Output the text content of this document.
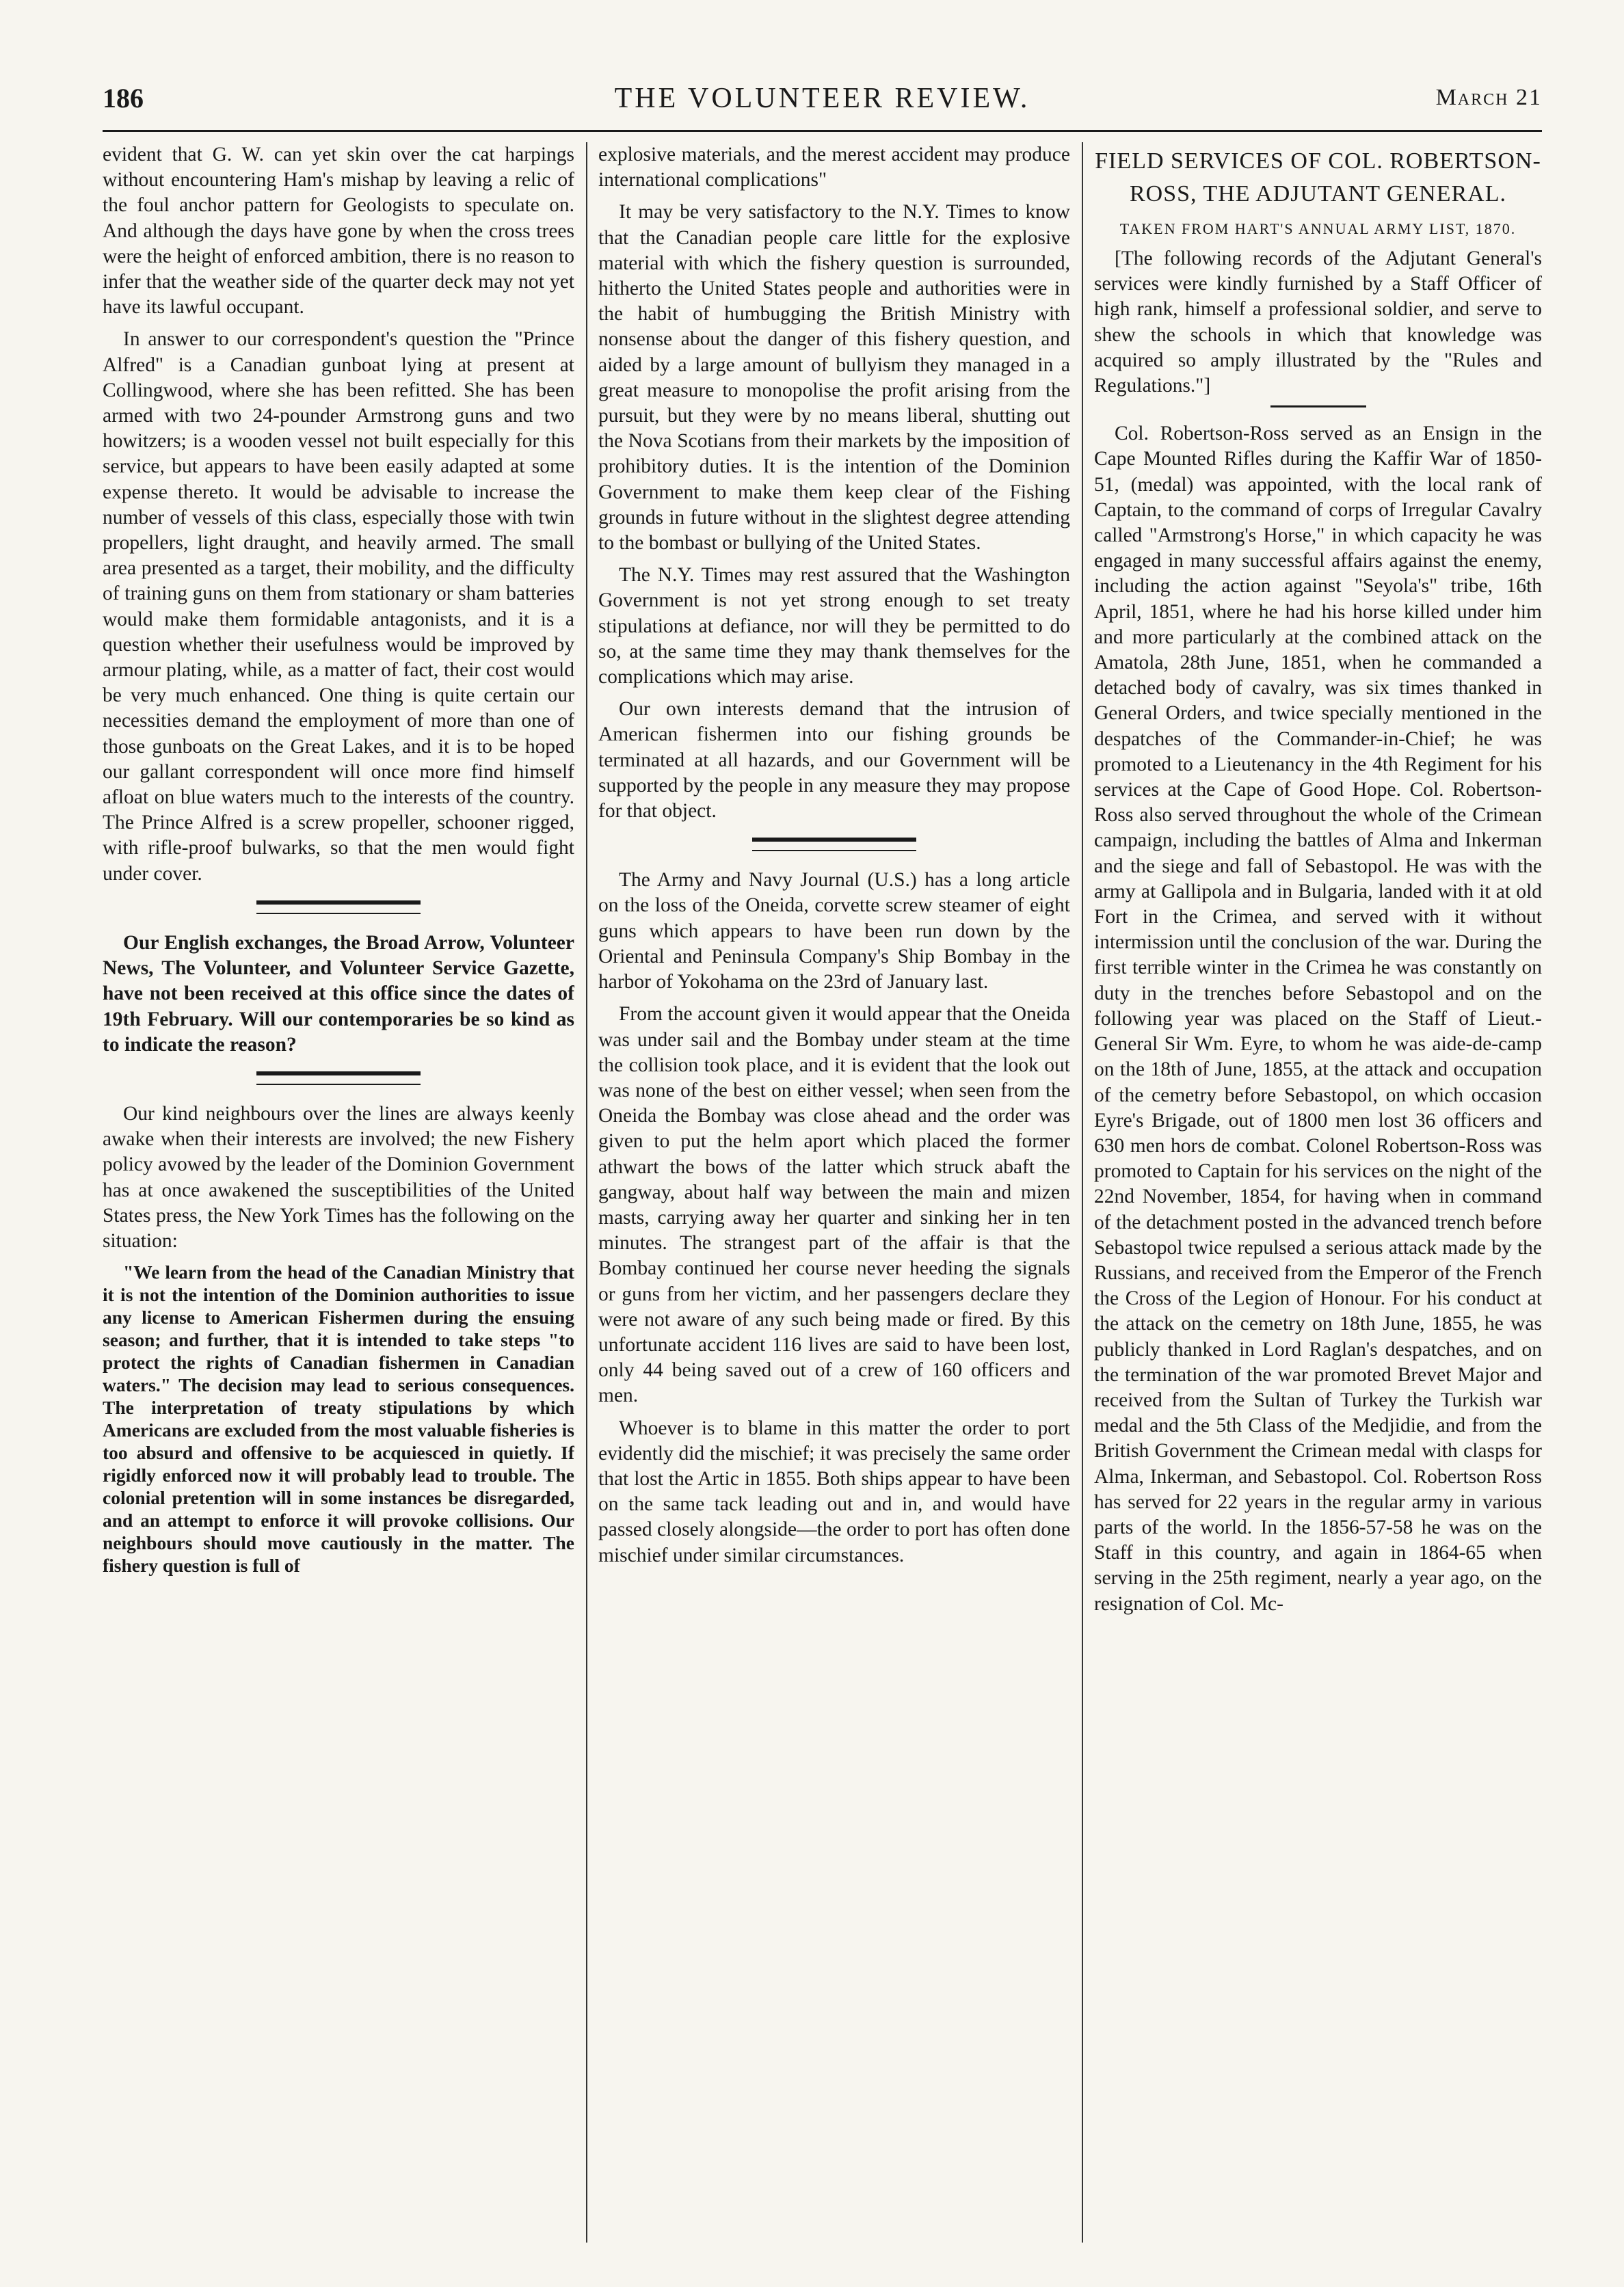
186	THE VOLUNTEER REVIEW.	March 21

evident that G. W. can yet skin over the cat harpings without encountering Ham's mishap by leaving a relic of the foul anchor pattern for Geologists to speculate on. And although the days have gone by when the cross trees were the height of enforced ambition, there is no reason to infer that the weather side of the quarter deck may not yet have its lawful occupant.

In answer to our correspondent's question the "Prince Alfred" is a Canadian gunboat lying at present at Collingwood, where she has been refitted. She has been armed with two 24-pounder Armstrong guns and two howitzers; is a wooden vessel not built especially for this service, but appears to have been easily adapted at some expense thereto. It would be advisable to increase the number of vessels of this class, especially those with twin propellers, light draught, and heavily armed. The small area presented as a target, their mobility, and the difficulty of training guns on them from stationary or sham batteries would make them formidable antagonists, and it is a question whether their usefulness would be improved by armour plating, while, as a matter of fact, their cost would be very much enhanced. One thing is quite certain our necessities demand the employment of more than one of those gunboats on the Great Lakes, and it is to be hoped our gallant correspondent will once more find himself afloat on blue waters much to the interests of the country. The Prince Alfred is a screw propeller, schooner rigged, with rifle-proof bulwarks, so that the men would fight under cover.

Our English exchanges, the Broad Arrow, Volunteer News, The Volunteer, and Volunteer Service Gazette, have not been received at this office since the dates of 19th February. Will our contemporaries be so kind as to indicate the reason?

Our kind neighbours over the lines are always keenly awake when their interests are involved; the new Fishery policy avowed by the leader of the Dominion Government has at once awakened the susceptibilities of the United States press, the New York Times has the following on the situation:

"We learn from the head of the Canadian Ministry that it is not the intention of the Dominion authorities to issue any license to American Fishermen during the ensuing season; and further, that it is intended to take steps "to protect the rights of Canadian fishermen in Canadian waters." The decision may lead to serious consequences. The interpretation of treaty stipulations by which Americans are excluded from the most valuable fisheries is too absurd and offensive to be acquiesced in quietly. If rigidly enforced now it will probably lead to trouble. The colonial pretention will in some instances be disregarded, and an attempt to enforce it will provoke collisions. Our neighbours should move cautiously in the matter. The fishery question is full of

explosive materials, and the merest accident may produce international complications"

It may be very satisfactory to the N.Y. Times to know that the Canadian people care little for the explosive material with which the fishery question is surrounded, hitherto the United States people and authorities were in the habit of humbugging the British Ministry with nonsense about the danger of this fishery question, and aided by a large amount of bullyism they managed in a great measure to monopolise the profit arising from the pursuit, but they were by no means liberal, shutting out the Nova Scotians from their markets by the imposition of prohibitory duties. It is the intention of the Dominion Government to make them keep clear of the Fishing grounds in future without in the slightest degree attending to the bombast or bullying of the United States.

The N.Y. Times may rest assured that the Washington Government is not yet strong enough to set treaty stipulations at defiance, nor will they be permitted to do so, at the same time they may thank themselves for the complications which may arise.

Our own interests demand that the intrusion of American fishermen into our fishing grounds be terminated at all hazards, and our Government will be supported by the people in any measure they may propose for that object.

The Army and Navy Journal (U.S.) has a long article on the loss of the Oneida, corvette screw steamer of eight guns which appears to have been run down by the Oriental and Peninsula Company's Ship Bombay in the harbor of Yokohama on the 23rd of January last.

From the account given it would appear that the Oneida was under sail and the Bombay under steam at the time the collision took place, and it is evident that the look out was none of the best on either vessel; when seen from the Oneida the Bombay was close ahead and the order was given to put the helm aport which placed the former athwart the bows of the latter which struck abaft the gangway, about half way between the main and mizen masts, carrying away her quarter and sinking her in ten minutes. The strangest part of the affair is that the Bombay continued her course never heeding the signals or guns from her victim, and her passengers declare they were not aware of any such being made or fired. By this unfortunate accident 116 lives are said to have been lost, only 44 being saved out of a crew of 160 officers and men.

Whoever is to blame in this matter the order to port evidently did the mischief; it was precisely the same order that lost the Artic in 1855. Both ships appear to have been on the same tack leading out and in, and would have passed closely alongside—the order to port has often done mischief under similar circumstances.

FIELD SERVICES OF COL. ROBERTSON-ROSS, THE ADJUTANT GENERAL.
TAKEN FROM HART'S ANNUAL ARMY LIST, 1870.

[The following records of the Adjutant General's services were kindly furnished by a Staff Officer of high rank, himself a professional soldier, and serve to shew the schools in which that knowledge was acquired so amply illustrated by the "Rules and Regulations."]

Col. Robertson-Ross served as an Ensign in the Cape Mounted Rifles during the Kaffir War of 1850-51, (medal) was appointed, with the local rank of Captain, to the command of corps of Irregular Cavalry called "Armstrong's Horse," in which capacity he was engaged in many successful affairs against the enemy, including the action against "Seyola's" tribe, 16th April, 1851, where he had his horse killed under him and more particularly at the combined attack on the Amatola, 28th June, 1851, when he commanded a detached body of cavalry, was six times thanked in General Orders, and twice specially mentioned in the despatches of the Commander-in-Chief; he was promoted to a Lieutenancy in the 4th Regiment for his services at the Cape of Good Hope. Col. Robertson-Ross also served throughout the whole of the Crimean campaign, including the battles of Alma and Inkerman and the siege and fall of Sebastopol. He was with the army at Gallipola and in Bulgaria, landed with it at old Fort in the Crimea, and served with it without intermission until the conclusion of the war. During the first terrible winter in the Crimea he was constantly on duty in the trenches before Sebastopol and on the following year was placed on the Staff of Lieut.-General Sir Wm. Eyre, to whom he was aide-de-camp on the 18th of June, 1855, at the attack and occupation of the cemetry before Sebastopol, on which occasion Eyre's Brigade, out of 1800 men lost 36 officers and 630 men hors de combat. Colonel Robertson-Ross was promoted to Captain for his services on the night of the 22nd November, 1854, for having when in command of the detachment posted in the advanced trench before Sebastopol twice repulsed a serious attack made by the Russians, and received from the Emperor of the French the Cross of the Legion of Honour. For his conduct at the attack on the cemetry on 18th June, 1855, he was publicly thanked in Lord Raglan's despatches, and on the termination of the war promoted Brevet Major and received from the Sultan of Turkey the Turkish war medal and the 5th Class of the Medjidie, and from the British Government the Crimean medal with clasps for Alma, Inkerman, and Sebastopol. Col. Robertson Ross has served for 22 years in the regular army in various parts of the world. In the 1856-57-58 he was on the Staff in this country, and again in 1864-65 when serving in the 25th regiment, nearly a year ago, on the resignation of Col. Mc-
